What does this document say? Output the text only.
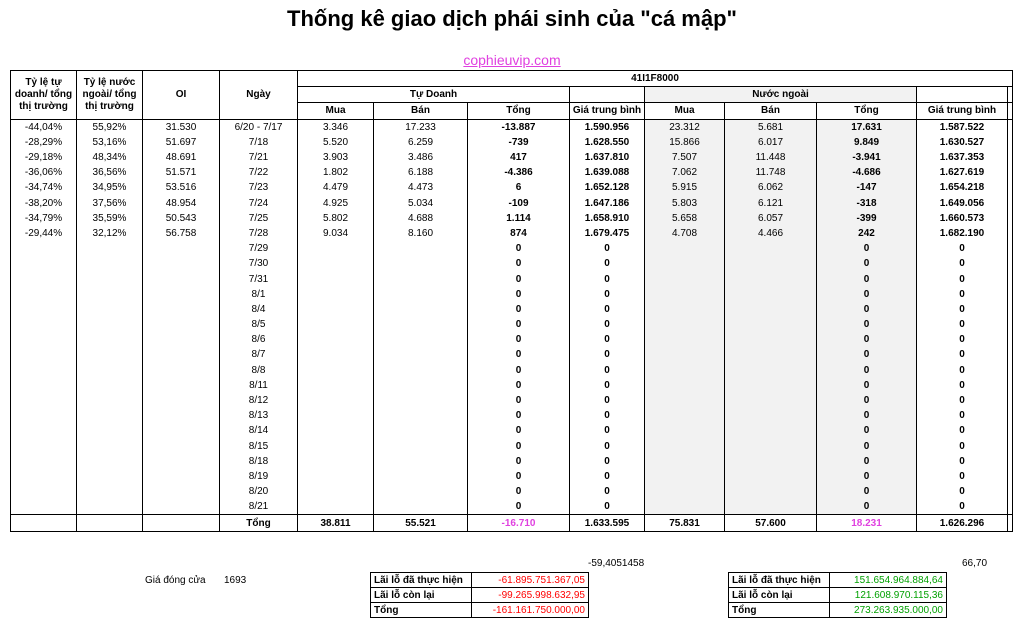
Thống kê giao dịch phái sinh của "cá mập"
cophieuvip.com
Tỷ lệ tự doanh/ tổng thị trường	Tỷ lệ nước ngoài/ tổng thị trường	OI	Ngày	41I1F8000								
				Tự Doanh				Nước ngoài				
				Mua	Bán	Tổng	Giá trung bình	Mua	Bán	Tổng	Giá trung bình	
-44,04%	55,92%	31.530	6/20 - 7/17	3.346	17.233	-13.887	1.590.956	23.312	5.681	17.631	1.587.522	
-28,29%	53,16%	51.697	7/18	5.520	6.259	-739	1.628.550	15.866	6.017	9.849	1.630.527	
-29,18%	48,34%	48.691	7/21	3.903	3.486	417	1.637.810	7.507	11.448	-3.941	1.637.353	
-36,06%	36,56%	51.571	7/22	1.802	6.188	-4.386	1.639.088	7.062	11.748	-4.686	1.627.619	
-34,74%	34,95%	53.516	7/23	4.479	4.473	6	1.652.128	5.915	6.062	-147	1.654.218	
-38,20%	37,56%	48.954	7/24	4.925	5.034	-109	1.647.186	5.803	6.121	-318	1.649.056	
-34,79%	35,59%	50.543	7/25	5.802	4.688	1.114	1.658.910	5.658	6.057	-399	1.660.573	
-29,44%	32,12%	56.758	7/28	9.034	8.160	874	1.679.475	4.708	4.466	242	1.682.190	
			7/29			0	0			0	0	
			7/30			0	0			0	0	
			7/31			0	0			0	0	
			8/1			0	0			0	0	
			8/4			0	0			0	0	
			8/5			0	0			0	0	
			8/6			0	0			0	0	
			8/7			0	0			0	0	
			8/8			0	0			0	0	
			8/11			0	0			0	0	
			8/12			0	0			0	0	
			8/13			0	0			0	0	
			8/14			0	0			0	0	
			8/15			0	0			0	0	
			8/18			0	0			0	0	
			8/19			0	0			0	0	
			8/20			0	0			0	0	
			8/21			0	0			0	0	
			Tổng	38.811	55.521	-16.710	1.633.595	75.831	57.600	18.231	1.626.296	
-59,4051458	66,70
Giá đóng cửa 1693	Lãi lỗ đã thực hiện	-61.895.751.367,05
Lãi lỗ còn lại	-99.265.998.632,95
Tổng	-161.161.750.000,00
Lãi lỗ đã thực hiện	151.654.964.884,64
Lãi lỗ còn lại	121.608.970.115,36
Tổng	273.263.935.000,00
